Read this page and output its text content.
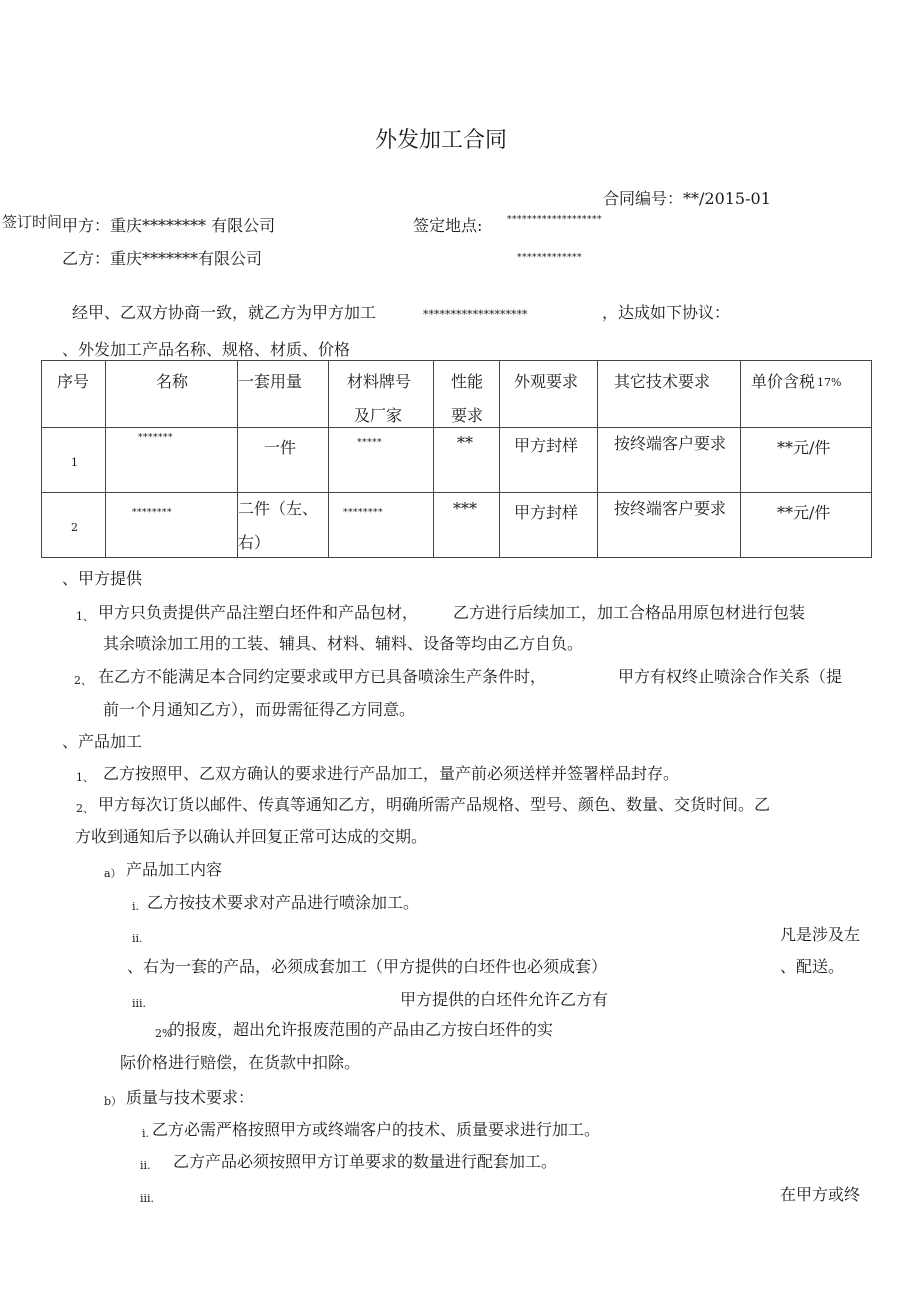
外发加工合同
合同编号：**/2015-01
签订时间 甲方：重庆******** 有限公司	签定地点:	*******************
乙方：重庆*******有限公司	*************
经甲、乙双方协商一致，就乙方为甲方加工	*******************	，达成如下协议：
、外发加工产品名称、规格、材质、价格
序号	名称	一套用量	材料牌号
及厂家	性能
要求	外观要求	其它技术要求	单价含税 17%

1	*******	一件	*****	**	甲方封样	按终端客户要求	**元/件

2	********	二件（左、右）	********	***	甲方封样	按终端客户要求	**元/件
、甲方提供
1、 甲方只负责提供产品注塑白坯件和产品包材， 乙方进行后续加工，加工合格品用原包材进行包装
其余喷涂加工用的工装、辅具、材料、辅料、设备等均由乙方自负。
2、 在乙方不能满足本合同约定要求或甲方已具备喷涂生产条件时，	甲方有权终止喷涂合作关系（提
前一个月通知乙方），而毋需征得乙方同意。
、产品加工
1、 乙方按照甲、乙双方确认的要求进行产品加工，量产前必须送样并签署样品封存。
2、 甲方每次订货以邮件、传真等通知乙方，明确所需产品规格、型号、颜色、数量、交货时间。乙
方收到通知后予以确认并回复正常可达成的交期。
a） 产品加工内容
i. 乙方按技术要求对产品进行喷涂加工。
ii.	凡是涉及左
、右为一套的产品，必须成套加工（甲方提供的白坯件也必须成套）	、配送。
iii.	甲方提供的白坯件允许乙方有
2%
的报废，超出允许报废范围的产品由乙方按白坯件的实
际价格进行赔偿，在货款中扣除。
b） 质量与技术要求：
i. 乙方必需严格按照甲方或终端客户的技术、质量要求进行加工。
ii. 乙方产品必须按照甲方订单要求的数量进行配套加工。
iii.	在甲方或终
